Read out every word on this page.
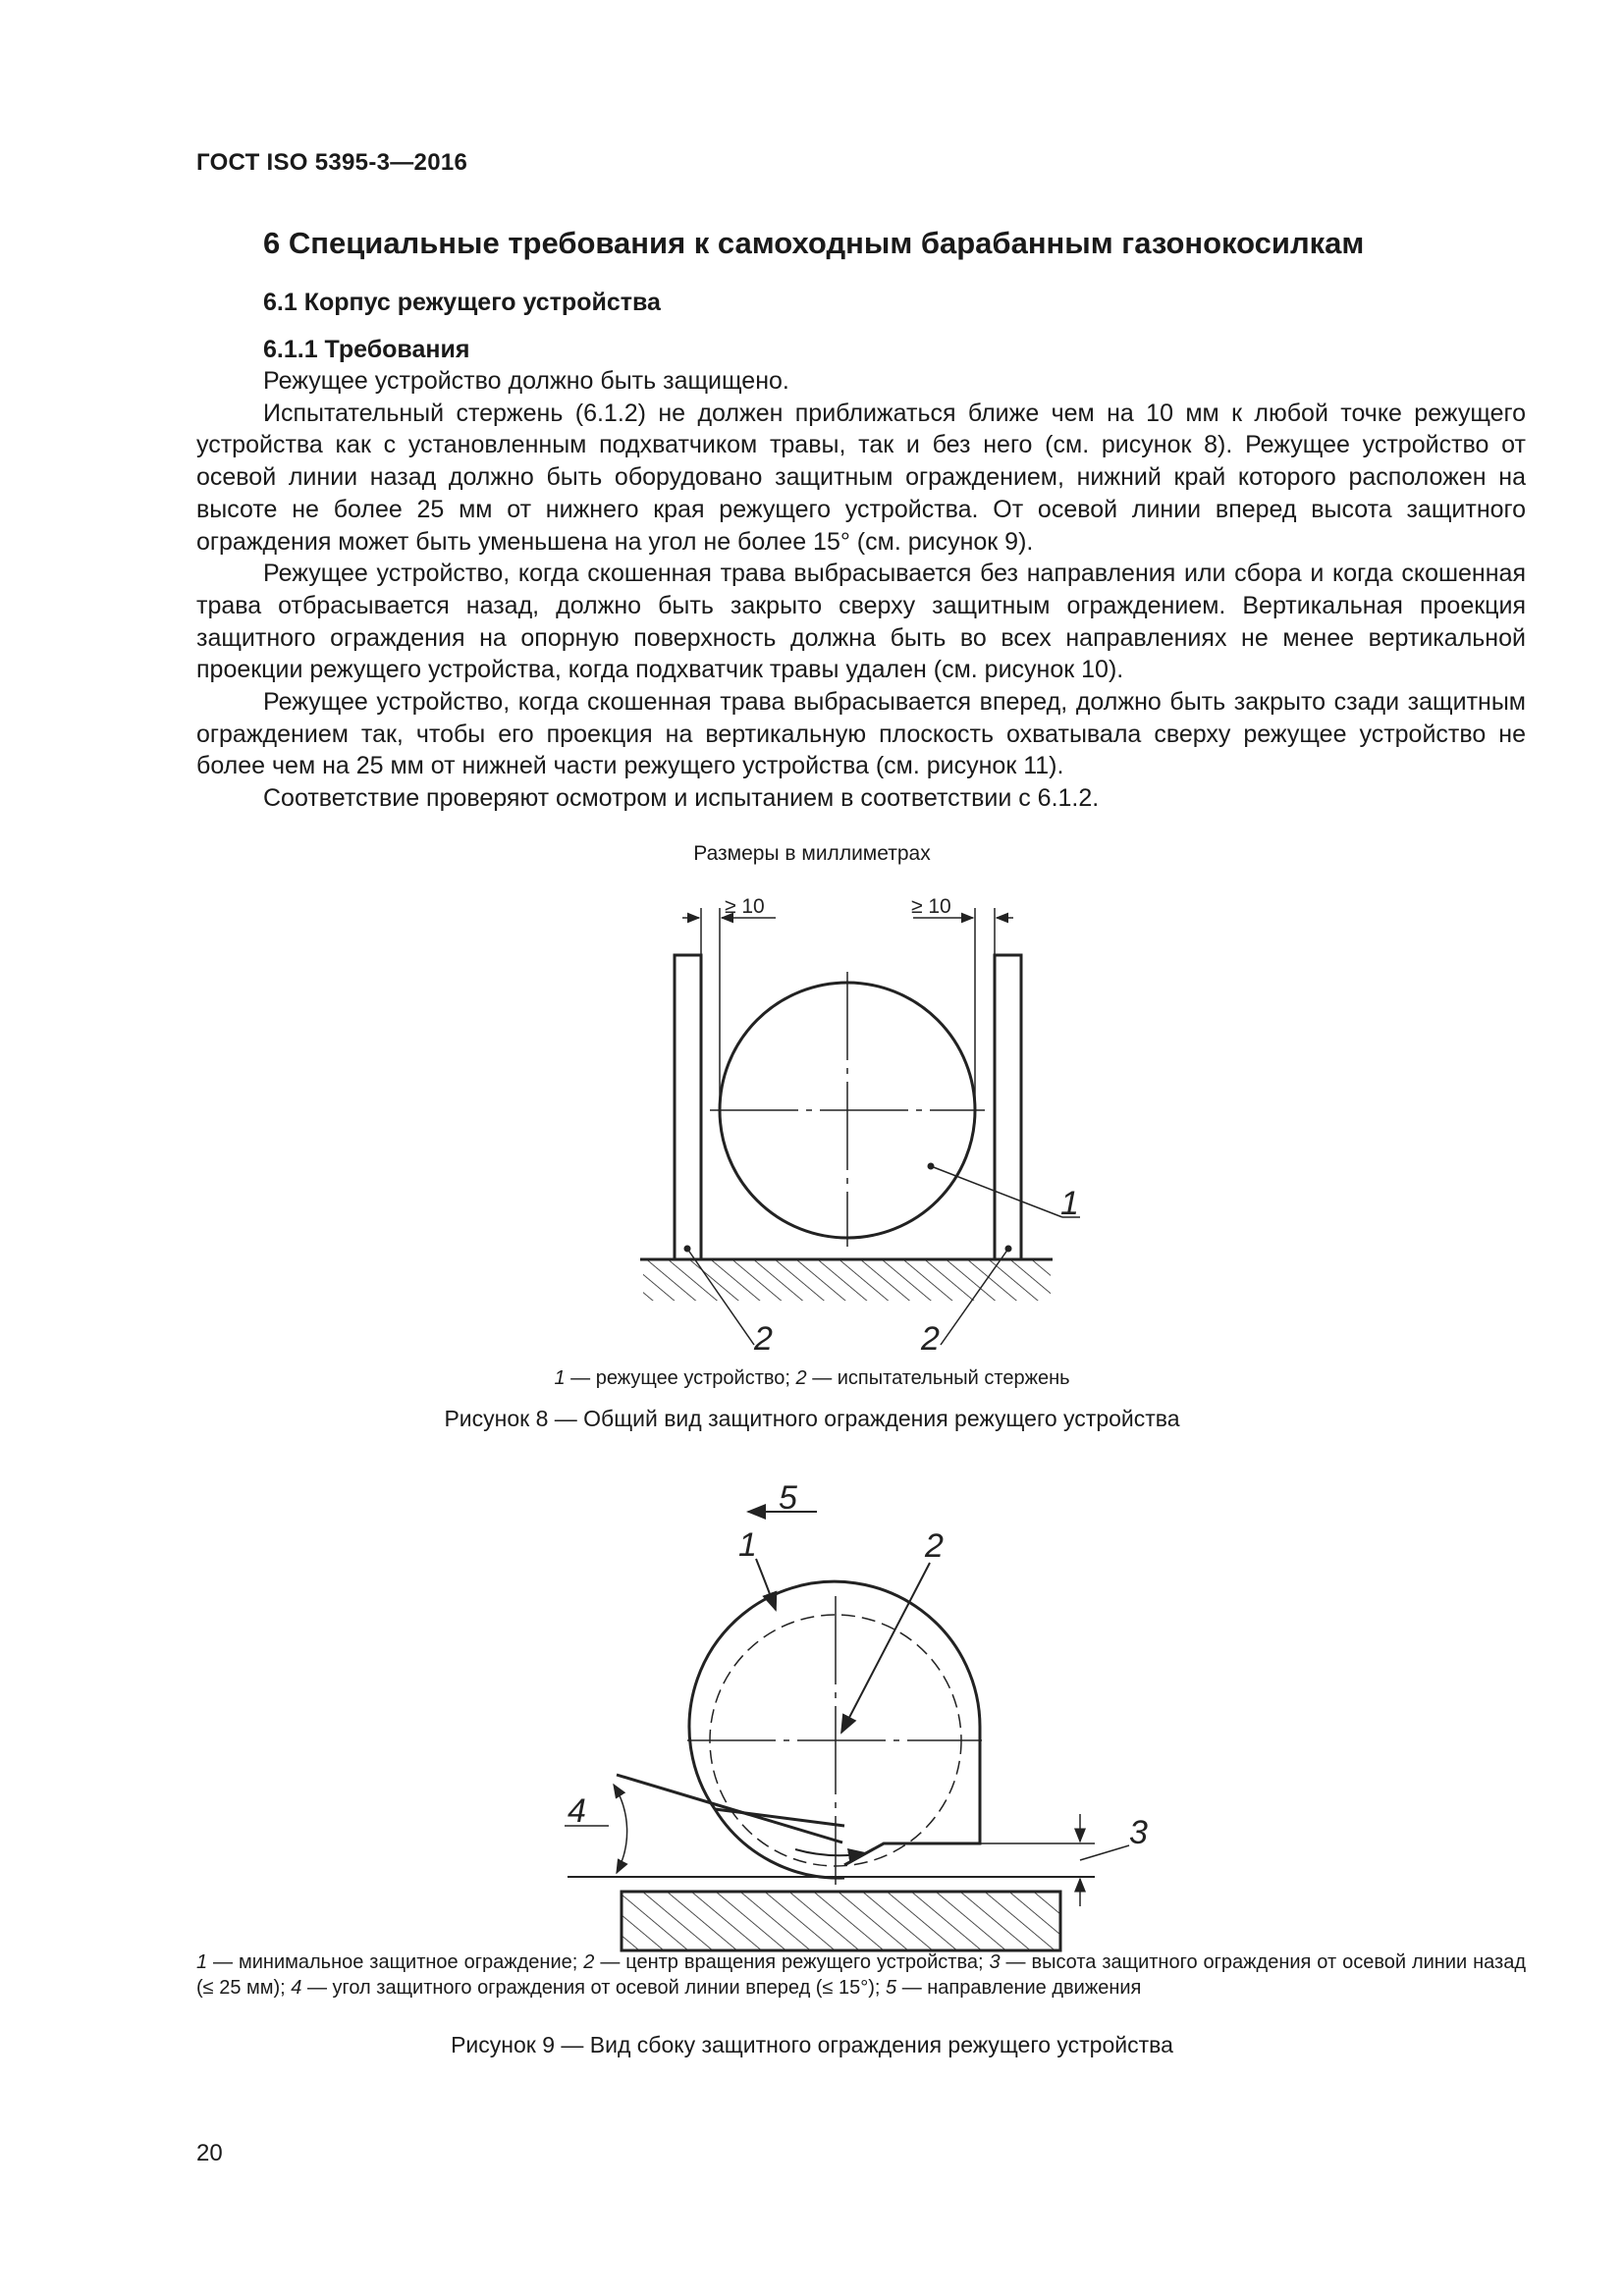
ГОСТ ISO 5395-3—2016
6 Специальные требования к самоходным барабанным газонокосилкам
6.1 Корпус режущего устройства
6.1.1 Требования

Режущее устройство должно быть защищено.

Испытательный стержень (6.1.2) не должен приближаться ближе чем на 10 мм к любой точке режущего устройства как с установленным подхватчиком травы, так и без него (см. рисунок 8). Режущее устройство от осевой линии назад должно быть оборудовано защитным ограждением, нижний край которого расположен на высоте не более 25 мм от нижнего края режущего устройства. От осевой линии вперед высота защитного ограждения может быть уменьшена на угол не более 15° (см. рисунок 9).

Режущее устройство, когда скошенная трава выбрасывается без направления или сбора и когда скошенная трава отбрасывается назад, должно быть закрыто сверху защитным ограждением. Вертикальная проекция защитного ограждения на опорную поверхность должна быть во всех направлениях не менее вертикальной проекции режущего устройства, когда подхватчик травы удален (см. рисунок 10).

Режущее устройство, когда скошенная трава выбрасывается вперед, должно быть закрыто сзади защитным ограждением так, чтобы его проекция на вертикальную плоскость охватывала сверху режущее устройство не более чем на 25 мм от нижней части режущего устройства (см. рисунок 11).

Соответствие проверяют осмотром и испытанием в соответствии с 6.1.2.

Размеры в миллиметрах
≥ 10	≥ 10
1
2	2
1 — режущее устройство; 2 — испытательный стержень
Рисунок 8 — Общий вид защитного ограждения режущего устройства
5
1	2
3
4
1 — минимальное защитное ограждение; 2 — центр вращения режущего устройства; 3 — высота защитного ограждения от осевой линии назад (≤ 25 мм); 4 — угол защитного ограждения от осевой линии вперед (≤ 15°); 5 — направление движения
Рисунок 9 — Вид сбоку защитного ограждения режущего устройства
20
